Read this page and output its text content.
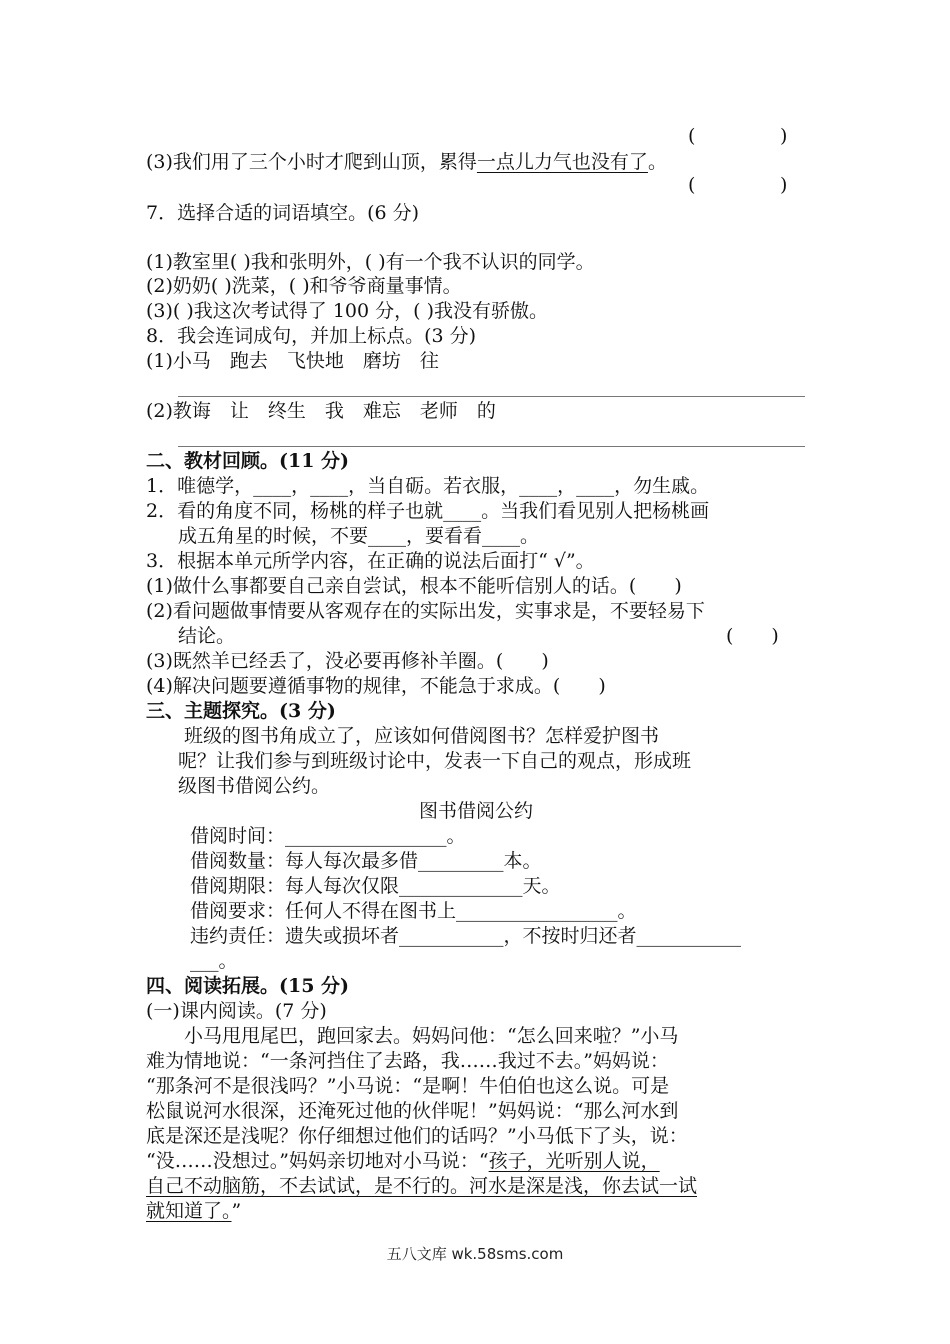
(              )
(3)我们用了三个小时才爬到山顶，累得一点儿力气也没有了。
(              )
7．选择合适的词语填空。(6 分)
(1)教室里( )我和张明外，( )有一个我不认识的同学。
(2)奶奶( )洗菜，( )和爷爷商量事情。
(3)( )我这次考试得了 100 分，( )我没有骄傲。
8．我会连词成句，并加上标点。(3 分)
(1)小马　跑去　飞快地　磨坊　往
(2)教诲　让　终生　我　难忘　老师　的
二、教材回顾。(11 分)
1．唯德学，____，____，当自砺。若衣服，____，____，勿生戚。
2．看的角度不同，杨桃的样子也就____。当我们看见别人把杨桃画
成五角星的时候，不要____，要看看____。
3．根据本单元所学内容，在正确的说法后面打“ √”。
(1)做什么事都要自己亲自尝试，根本不能听信别人的话。(　　)
(2)看问题做事情要从客观存在的实际出发，实事求是，不要轻易下
结论。	(　　)
(3)既然羊已经丢了，没必要再修补羊圈。(　　)
(4)解决问题要遵循事物的规律，不能急于求成。(　　)
三、主题探究。(3 分)
　　班级的图书角成立了，应该如何借阅图书？怎样爱护图书
呢？让我们参与到班级讨论中，发表一下自己的观点，形成班
级图书借阅公约。
图书借阅公约
借阅时间：_________________。
借阅数量：每人每次最多借_________本。
借阅期限：每人每次仅限_____________天。
借阅要求：任何人不得在图书上_________________。
违约责任：遗失或损坏者___________，不按时归还者___________
___。
四、阅读拓展。(15 分)
(一)课内阅读。(7 分)
　　小马甩甩尾巴，跑回家去。妈妈问他：“怎么回来啦？”小马
难为情地说：“一条河挡住了去路，我……我过不去。”妈妈说：
“那条河不是很浅吗？”小马说：“是啊！牛伯伯也这么说。可是
松鼠说河水很深，还淹死过他的伙伴呢！”妈妈说：“那么河水到
底是深还是浅呢？你仔细想过他们的话吗？”小马低下了头，说：
“没……没想过。”妈妈亲切地对小马说：“孩子，光听别人说，
自己不动脑筋，不去试试，是不行的。河水是深是浅，你去试一试
就知道了。”
五八文库 wk.58sms.com
